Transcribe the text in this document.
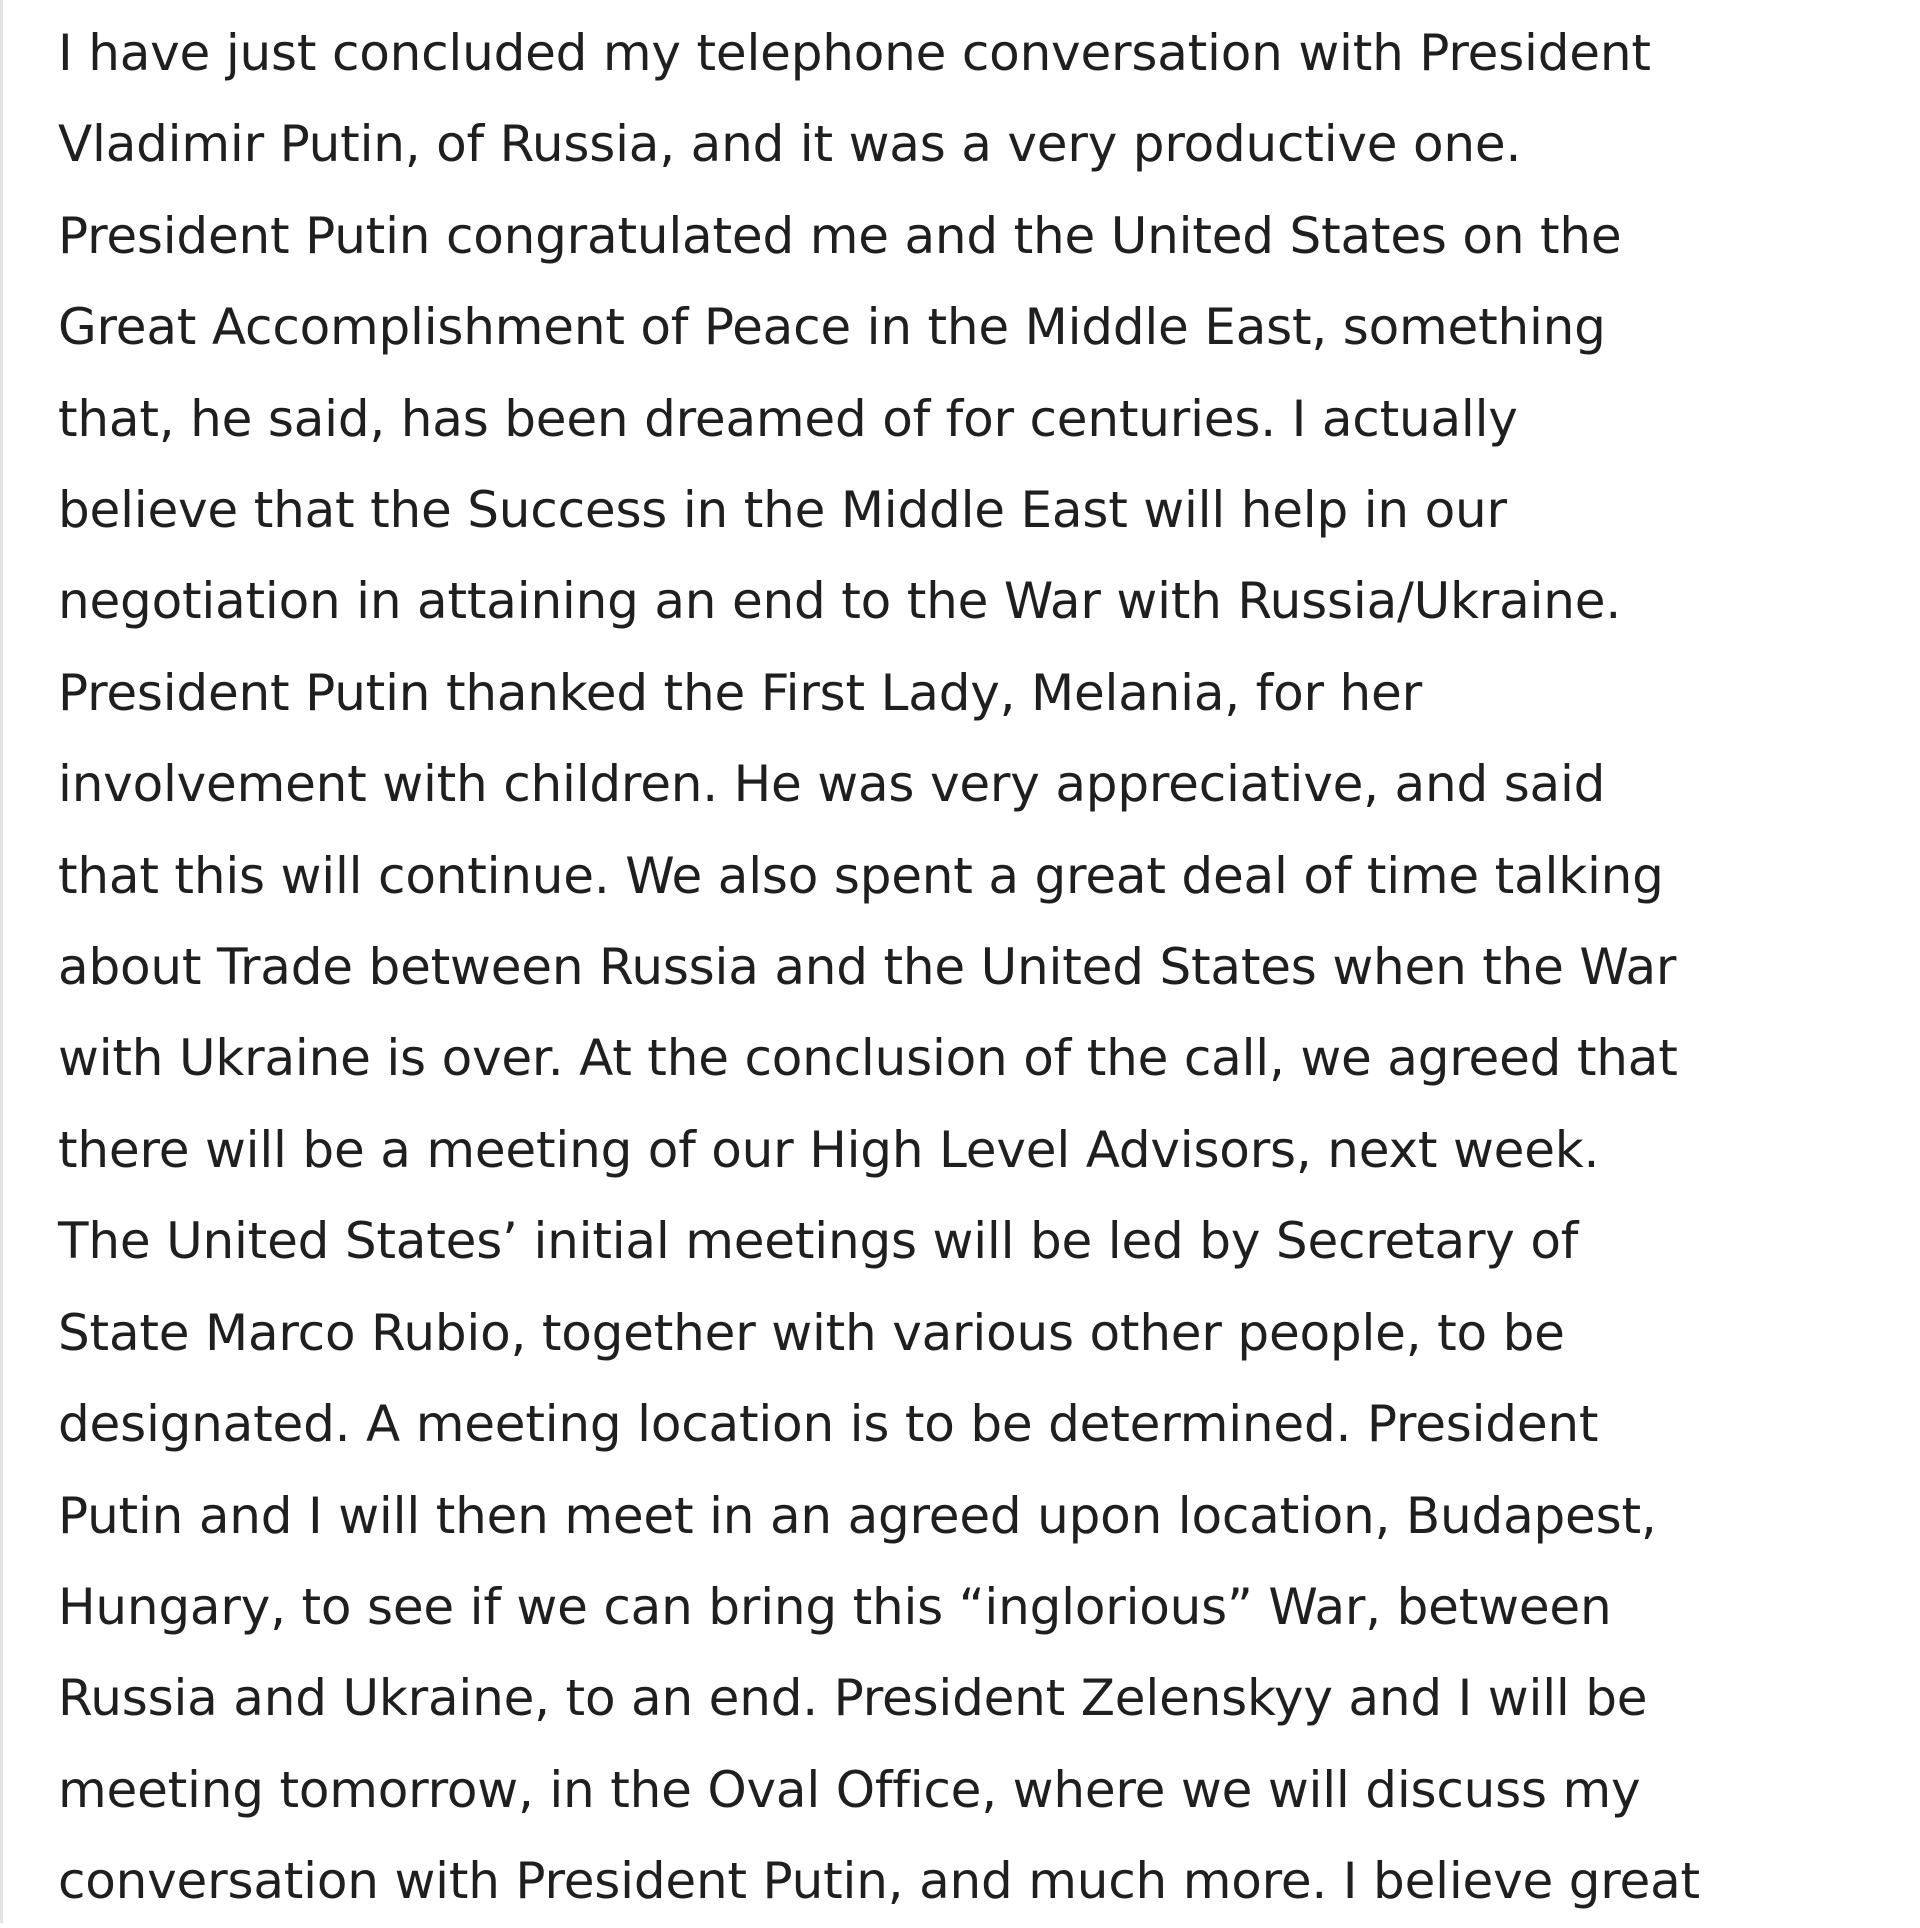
I have just concluded my telephone conversation with President
Vladimir Putin, of Russia, and it was a very productive one.
President Putin congratulated me and the United States on the
Great Accomplishment of Peace in the Middle East, something
that, he said, has been dreamed of for centuries. I actually
believe that the Success in the Middle East will help in our
negotiation in attaining an end to the War with Russia/Ukraine.
President Putin thanked the First Lady, Melania, for her
involvement with children. He was very appreciative, and said
that this will continue. We also spent a great deal of time talking
about Trade between Russia and the United States when the War
with Ukraine is over. At the conclusion of the call, we agreed that
there will be a meeting of our High Level Advisors, next week.
The United States’ initial meetings will be led by Secretary of
State Marco Rubio, together with various other people, to be
designated. A meeting location is to be determined. President
Putin and I will then meet in an agreed upon location, Budapest,
Hungary, to see if we can bring this “inglorious” War, between
Russia and Ukraine, to an end. President Zelenskyy and I will be
meeting tomorrow, in the Oval Office, where we will discuss my
conversation with President Putin, and much more. I believe great
